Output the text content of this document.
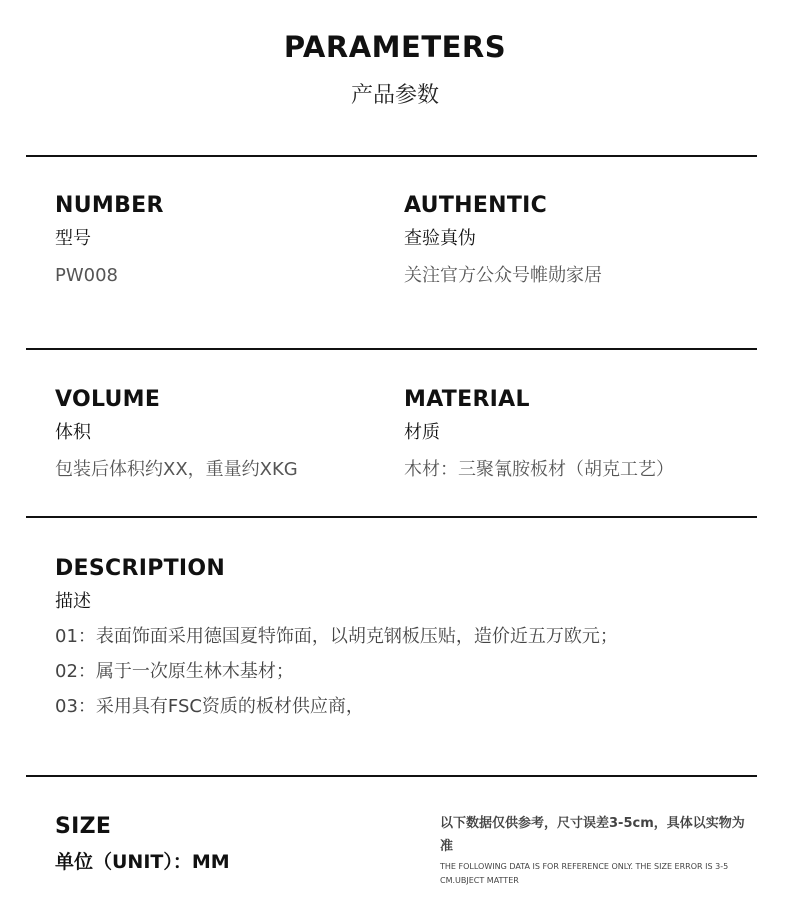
PARAMETERS
产品参数
NUMBER
型号
PW008
AUTHENTIC
查验真伪
关注官方公众号帷勋家居
VOLUME
体积
包装后体积约XX，重量约XKG
MATERIAL
材质
木材：三聚氰胺板材（胡克工艺）
DESCRIPTION
描述
01：表面饰面采用德国夏特饰面，以胡克钢板压贴，造价近五万欧元；
02：属于一次原生林木基材；
03：采用具有FSC资质的板材供应商，
SIZE
单位（UNIT）：MM
以下数据仅供参考，尺寸误差3-5cm，具体以实物为准
THE FOLLOWING DATA IS FOR REFERENCE ONLY. THE SIZE ERROR IS 3-5 CM.UBJECT MATTER
